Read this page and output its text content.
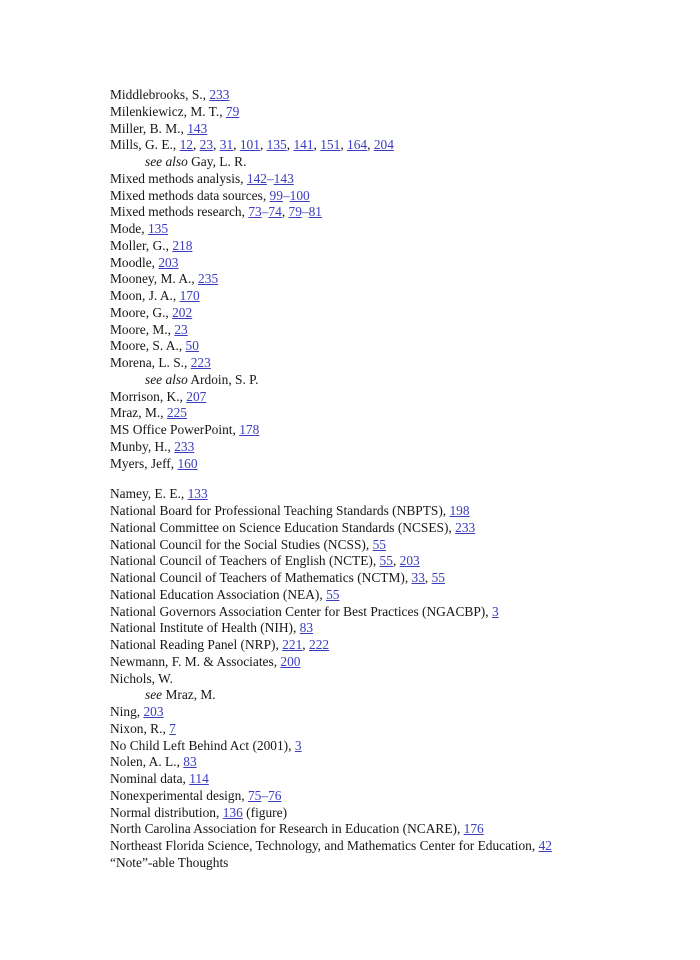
Middlebrooks, S., 233
Milenkiewicz, M. T., 79
Miller, B. M., 143
Mills, G. E., 12, 23, 31, 101, 135, 141, 151, 164, 204
see also Gay, L. R.
Mixed methods analysis, 142–143
Mixed methods data sources, 99–100
Mixed methods research, 73–74, 79–81
Mode, 135
Moller, G., 218
Moodle, 203
Mooney, M. A., 235
Moon, J. A., 170
Moore, G., 202
Moore, M., 23
Moore, S. A., 50
Morena, L. S., 223
see also Ardoin, S. P.
Morrison, K., 207
Mraz, M., 225
MS Office PowerPoint, 178
Munby, H., 233
Myers, Jeff, 160
Namey, E. E., 133
National Board for Professional Teaching Standards (NBPTS), 198
National Committee on Science Education Standards (NCSES), 233
National Council for the Social Studies (NCSS), 55
National Council of Teachers of English (NCTE), 55, 203
National Council of Teachers of Mathematics (NCTM), 33, 55
National Education Association (NEA), 55
National Governors Association Center for Best Practices (NGACBP), 3
National Institute of Health (NIH), 83
National Reading Panel (NRP), 221, 222
Newmann, F. M. & Associates, 200
Nichols, W.
see Mraz, M.
Ning, 203
Nixon, R., 7
No Child Left Behind Act (2001), 3
Nolen, A. L., 83
Nominal data, 114
Nonexperimental design, 75–76
Normal distribution, 136 (figure)
North Carolina Association for Research in Education (NCARE), 176
Northeast Florida Science, Technology, and Mathematics Center for Education, 42
“Note”-able Thoughts
